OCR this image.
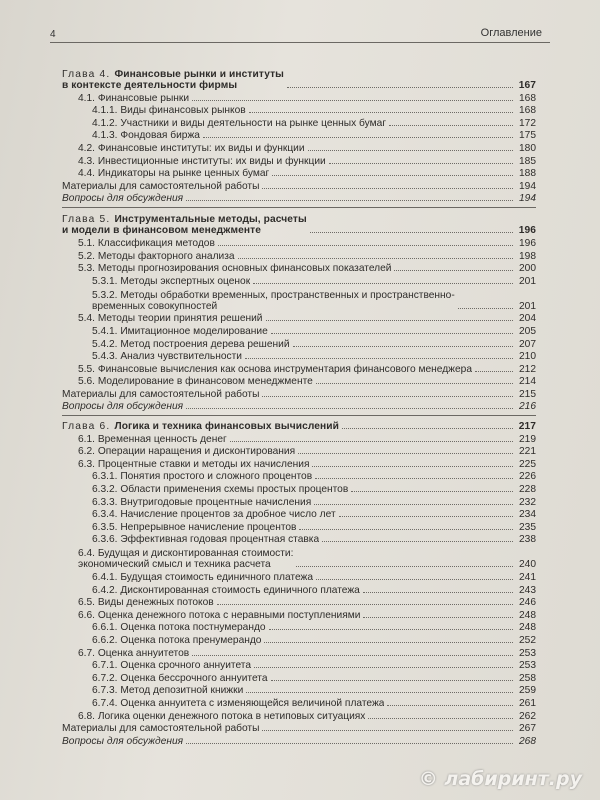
4	Оглавление
Глава 4. Финансовые рынки и институты
в контексте деятельности фирмы	167
4.1. Финансовые рынки	168
4.1.1. Виды финансовых рынков	168
4.1.2. Участники и виды деятельности на рынке ценных бумаг	172
4.1.3. Фондовая биржа	175
4.2. Финансовые институты: их виды и функции	180
4.3. Инвестиционные институты: их виды и функции	185
4.4. Индикаторы на рынке ценных бумаг	188
Материалы для самостоятельной работы	194
Вопросы для обсуждения	194
Глава 5. Инструментальные методы, расчеты
и модели в финансовом менеджменте	196
5.1. Классификация методов	196
5.2. Методы факторного анализа	198
5.3. Методы прогнозирования основных финансовых показателей	200
5.3.1. Методы экспертных оценок	201
5.3.2. Методы обработки временных, пространственных и пространственно-
временных совокупностей	201
5.4. Методы теории принятия решений	204
5.4.1. Имитационное моделирование	205
5.4.2. Метод построения дерева решений	207
5.4.3. Анализ чувствительности	210
5.5. Финансовые вычисления как основа инструментария финансового менеджера	212
5.6. Моделирование в финансовом менеджменте	214
Материалы для самостоятельной работы	215
Вопросы для обсуждения	216
Глава 6. Логика и техника финансовых вычислений	217
6.1. Временная ценность денег	219
6.2. Операции наращения и дисконтирования	221
6.3. Процентные ставки и методы их начисления	225
6.3.1. Понятия простого и сложного процентов	226
6.3.2. Области применения схемы простых процентов	228
6.3.3. Внутригодовые процентные начисления	232
6.3.4. Начисление процентов за дробное число лет	234
6.3.5. Непрерывное начисление процентов	235
6.3.6. Эффективная годовая процентная ставка	238
6.4. Будущая и дисконтированная стоимости:
экономический смысл и техника расчета	240
6.4.1. Будущая стоимость единичного платежа	241
6.4.2. Дисконтированная стоимость единичного платежа	243
6.5. Виды денежных потоков	246
6.6. Оценка денежного потока с неравными поступлениями	248
6.6.1. Оценка потока постнумерандо	248
6.6.2. Оценка потока пренумерандо	252
6.7. Оценка аннуитетов	253
6.7.1. Оценка срочного аннуитета	253
6.7.2. Оценка бессрочного аннуитета	258
6.7.3. Метод депозитной книжки	259
6.7.4. Оценка аннуитета с изменяющейся величиной платежа	261
6.8. Логика оценки денежного потока в нетиповых ситуациях	262
Материалы для самостоятельной работы	267
Вопросы для обсуждения	268
© лабиринт.ру
